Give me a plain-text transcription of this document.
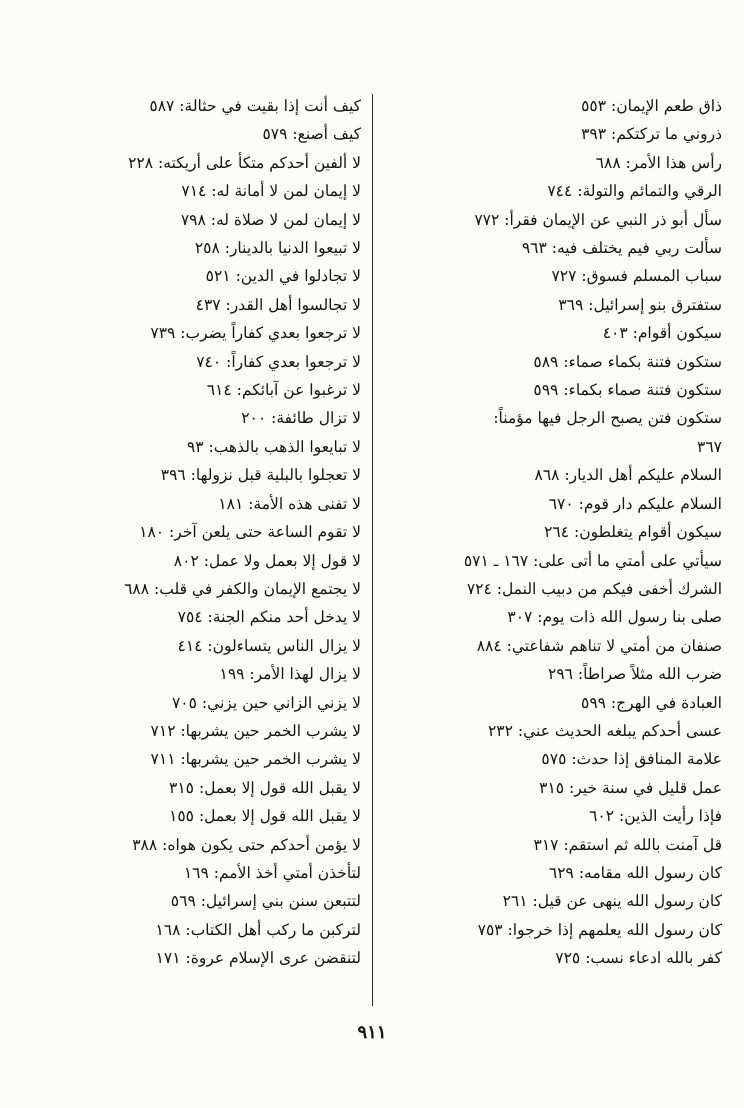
ذاق طعم الإيمان: ٥٥٣
ذروني ما تركتكم: ٣٩٣
رأس هذا الأمر: ٦٨٨
الرقي والتمائم والتولة: ٧٤٤
سأل أبو ذر النبي عن الإيمان فقرأ: ٧٧٢
سألت ربي فيم يختلف فيه: ٩٦٣
سباب المسلم فسوق: ٧٢٧
ستفترق بنو إسرائيل: ٣٦٩
سيكون أقوام: ٤٠٣
ستكون فتنة بكماء صماء: ٥٨٩
ستكون فتنة صماء بكماء: ٥٩٩
ستكون فتن يصبح الرجل فيها مؤمناً:
٣٦٧
السلام عليكم أهل الديار: ٨٦٨
السلام عليكم دار قوم: ٦٧٠
سيكون أقوام يتغلطون: ٢٦٤
سيأتي على أمتي ما أتى على: ١٦٧ ـ ٥٧١
الشرك أخفى فيكم من دبيب النمل: ٧٢٤
صلى بنا رسول الله ذات يوم: ٣٠٧
صنفان من أمتي لا تناهم شفاعتي: ٨٨٤
ضرب الله مثلاً صراطاً: ٢٩٦
العبادة في الهرج: ٥٩٩
عسى أحدكم يبلغه الحديث عني: ٢٣٢
علامة المنافق إذا حدث: ٥٧٥
عمل قليل في سنة خير: ٣١٥
فإذا رأيت الذين: ٦٠٢
قل آمنت بالله ثم استقم: ٣١٧
كان رسول الله مقامه: ٦٢٩
كان رسول الله ينهى عن قيل: ٢٦١
كان رسول الله يعلمهم إذا خرجوا: ٧٥٣
كفر بالله ادعاء نسب: ٧٢٥
كيف أنت إذا بقيت في حثالة: ٥٨٧
كيف أصنع: ٥٧٩
لا ألفين أحدكم متكأ على أريكته: ٢٢٨
لا إيمان لمن لا أمانة له: ٧١٤
لا إيمان لمن لا صلاة له: ٧٩٨
لا تبيعوا الدنيا بالدينار: ٢٥٨
لا تجادلوا في الدين: ٥٢١
لا تجالسوا أهل القدر: ٤٣٧
لا ترجعوا بعدي كفاراً يضرب: ٧٣٩
لا ترجعوا بعدي كفاراً: ٧٤٠
لا ترغبوا عن آبائكم: ٦١٤
لا تزال طائفة: ٢٠٠
لا تبايعوا الذهب بالذهب: ٩٣
لا تعجلوا بالبلية قبل نزولها: ٣٩٦
لا تفنى هذه الأمة: ١٨١
لا تقوم الساعة حتى يلعن آخر: ١٨٠
لا قول إلا بعمل ولا عمل: ٨٠٢
لا يجتمع الإيمان والكفر في قلب: ٦٨٨
لا يدخل أحد منكم الجنة: ٧٥٤
لا يزال الناس يتساءلون: ٤١٤
لا يزال لهذا الأمر: ١٩٩
لا يزني الزاني حين يزني: ٧٠٥
لا يشرب الخمر حين يشربها: ٧١٢
لا يشرب الخمر حين يشربها: ٧١١
لا يقبل الله قول إلا بعمل: ٣١٥
لا يقبل الله قول إلا بعمل: ١٥٥
لا يؤمن أحدكم حتى يكون هواه: ٣٨٨
لتأخذن أمتي أخذ الأمم: ١٦٩
لتتبعن سنن بني إسرائيل: ٥٦٩
لتركبن ما ركب أهل الكتاب: ١٦٨
لتنقضن عرى الإسلام عروة: ١٧١
٩١١
